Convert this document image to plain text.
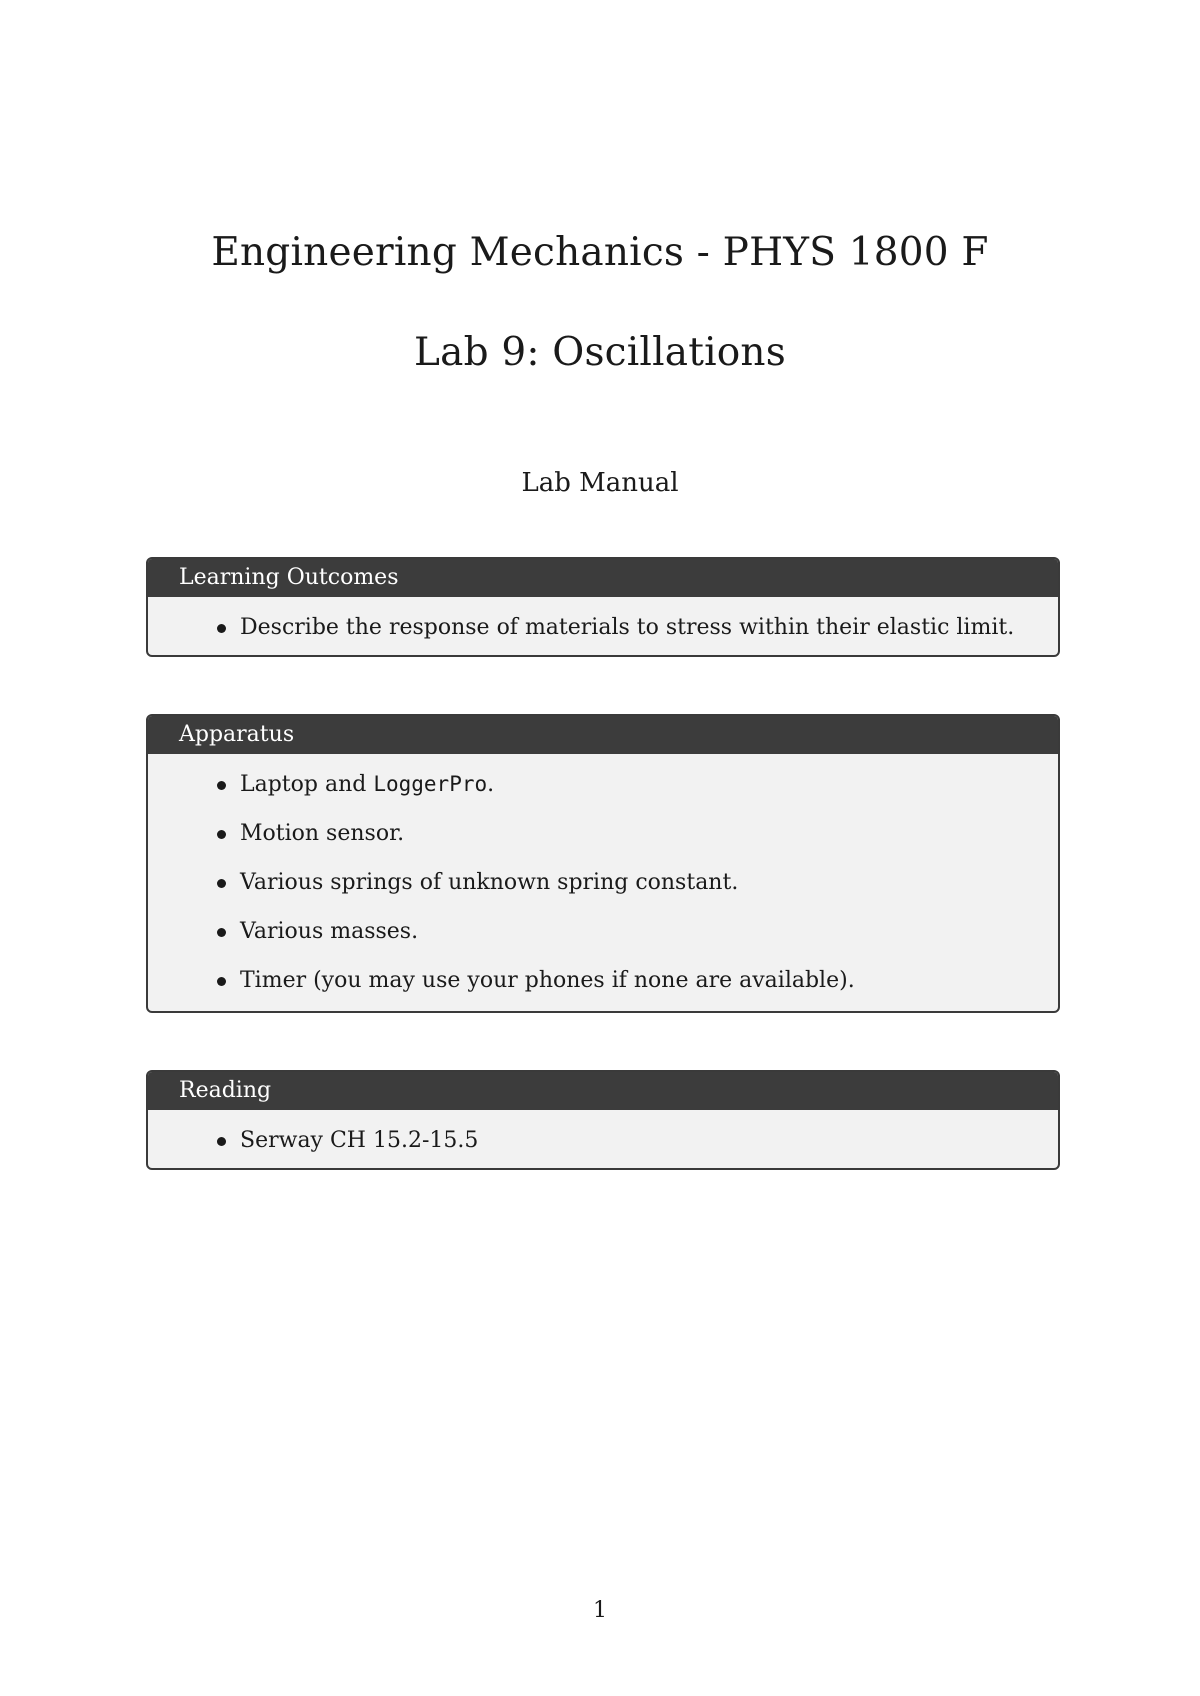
Engineering Mechanics - PHYS 1800 F
Lab 9: Oscillations
Lab Manual
Learning Outcomes
Describe the response of materials to stress within their elastic limit.
Apparatus
Laptop and LoggerPro.
Motion sensor.
Various springs of unknown spring constant.
Various masses.
Timer (you may use your phones if none are available).
Reading
Serway CH 15.2-15.5
1
